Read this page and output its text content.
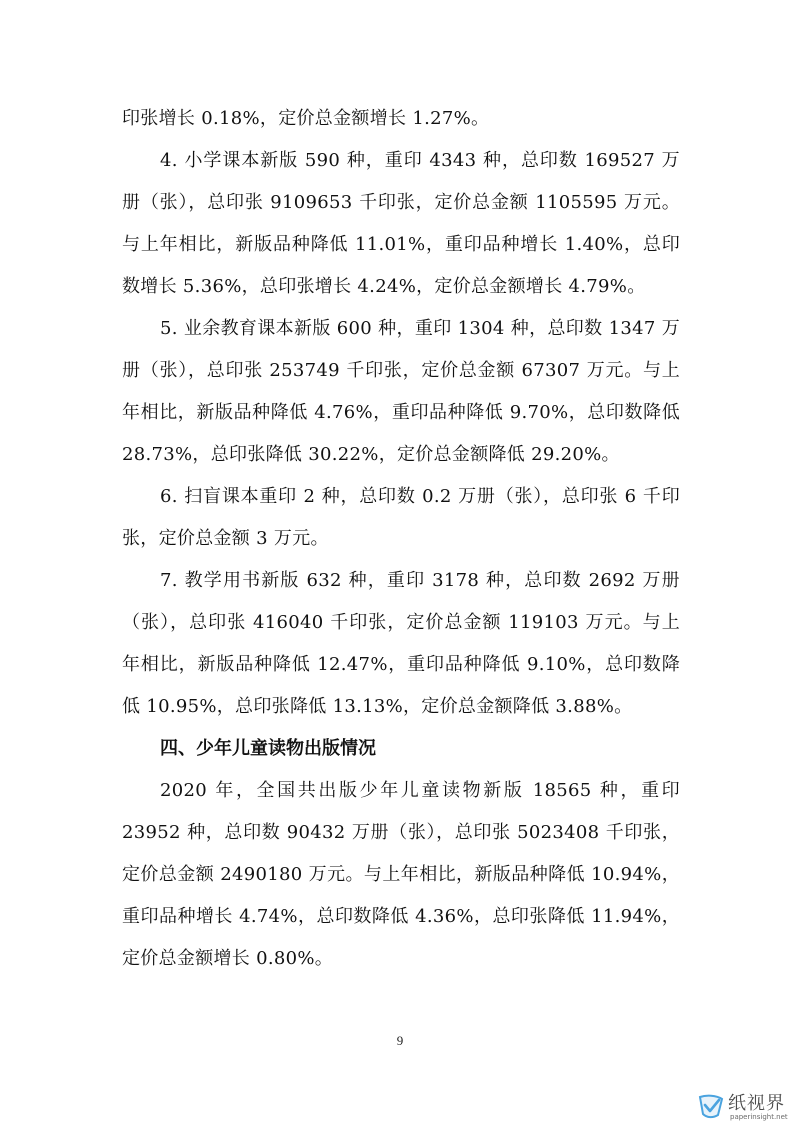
印张增长 0.18%，定价总金额增长 1.27%。

4. 小学课本新版 590 种，重印 4343 种，总印数 169527 万册（张），总印张 9109653 千印张，定价总金额 1105595 万元。与上年相比，新版品种降低 11.01%，重印品种增长 1.40%，总印数增长 5.36%，总印张增长 4.24%，定价总金额增长 4.79%。

5. 业余教育课本新版 600 种，重印 1304 种，总印数 1347 万册（张），总印张 253749 千印张，定价总金额 67307 万元。与上年相比，新版品种降低 4.76%，重印品种降低 9.70%，总印数降低 28.73%，总印张降低 30.22%，定价总金额降低 29.20%。

6. 扫盲课本重印 2 种，总印数 0.2 万册（张），总印张 6 千印张，定价总金额 3 万元。

7. 教学用书新版 632 种，重印 3178 种，总印数 2692 万册（张），总印张 416040 千印张，定价总金额 119103 万元。与上年相比，新版品种降低 12.47%，重印品种降低 9.10%，总印数降低 10.95%，总印张降低 13.13%，定价总金额降低 3.88%。

四、少年儿童读物出版情况

2020 年，全国共出版少年儿童读物新版 18565 种，重印 23952 种，总印数 90432 万册（张），总印张 5023408 千印张，定价总金额 2490180 万元。与上年相比，新版品种降低 10.94%，重印品种增长 4.74%，总印数降低 4.36%，总印张降低 11.94%，定价总金额增长 0.80%。

9
纸视界
paperinsight.net
